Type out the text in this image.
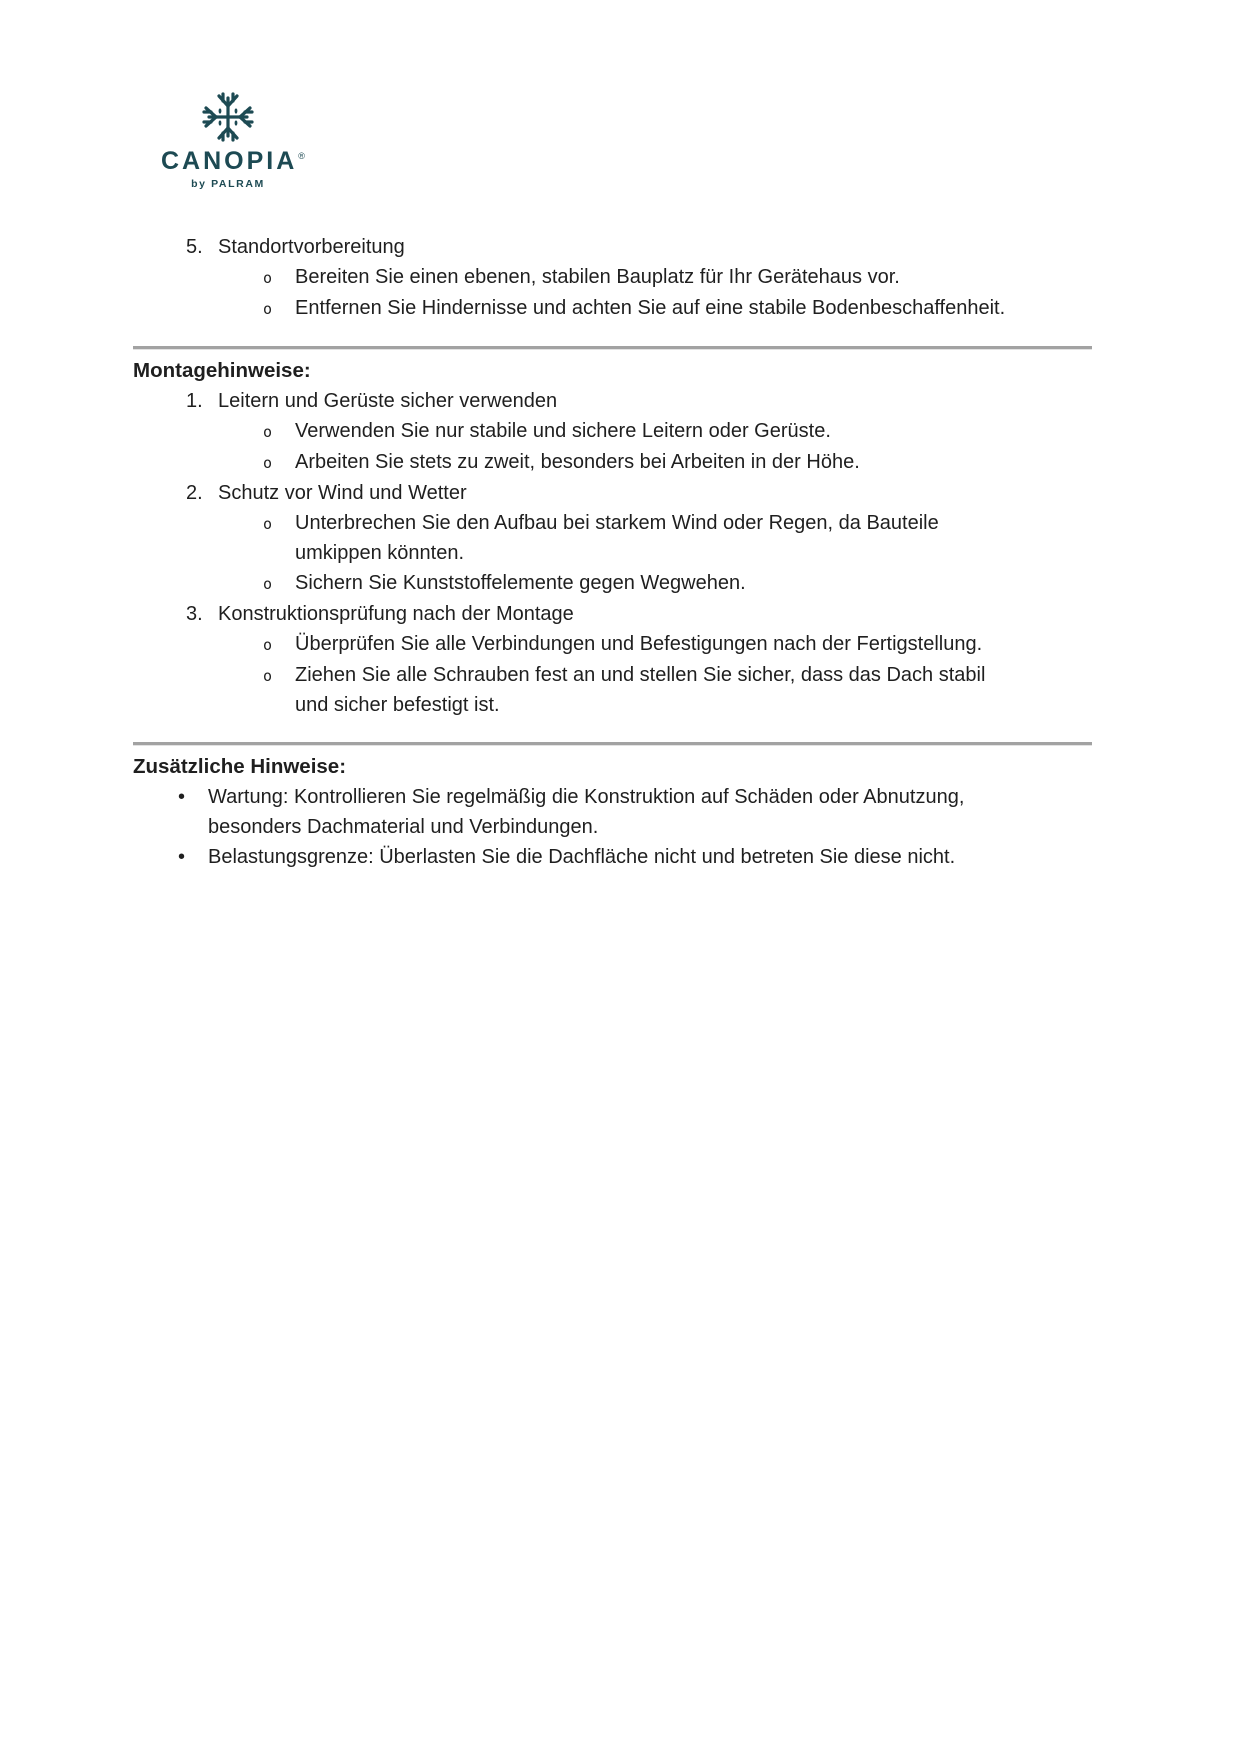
CANOPIA®
by PALRAM
5. Standortvorbereitung
o	Bereiten Sie einen ebenen, stabilen Bauplatz für Ihr Gerätehaus vor.
o	Entfernen Sie Hindernisse und achten Sie auf eine stabile Bodenbeschaffenheit.
Montagehinweise:
1. Leitern und Gerüste sicher verwenden
o	Verwenden Sie nur stabile und sichere Leitern oder Gerüste.
o	Arbeiten Sie stets zu zweit, besonders bei Arbeiten in der Höhe.
2. Schutz vor Wind und Wetter
o	Unterbrechen Sie den Aufbau bei starkem Wind oder Regen, da Bauteile
umkippen könnten.
o	Sichern Sie Kunststoffelemente gegen Wegwehen.
3. Konstruktionsprüfung nach der Montage
o	Überprüfen Sie alle Verbindungen und Befestigungen nach der Fertigstellung.
o	Ziehen Sie alle Schrauben fest an und stellen Sie sicher, dass das Dach stabil
und sicher befestigt ist.
Zusätzliche Hinweise:
•	Wartung: Kontrollieren Sie regelmäßig die Konstruktion auf Schäden oder Abnutzung,
besonders Dachmaterial und Verbindungen.
•	Belastungsgrenze: Überlasten Sie die Dachfläche nicht und betreten Sie diese nicht.
